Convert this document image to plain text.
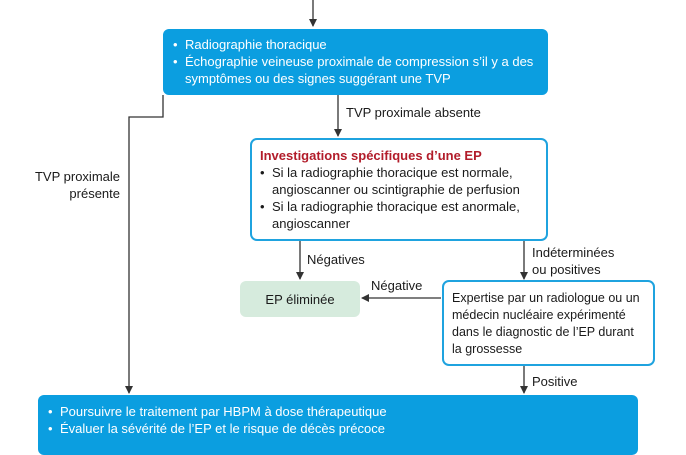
• Radiographie thoracique
• Échographie veineuse proximale de compression s’il y a des symptômes ou des signes suggérant une TVP
TVP proximale absente
TVP proximale
présente
Investigations spécifiques d’une EP
• Si la radiographie thoracique est normale, angioscanner ou scintigraphie de perfusion
• Si la radiographie thoracique est anormale, angioscanner
Négatives	Indéterminées
ou positives
EP éliminée
Négative
Expertise par un radiologue ou un médecin nucléaire expérimenté dans le diagnostic de l’EP durant la grossesse
Positive
• Poursuivre le traitement par HBPM à dose thérapeutique
• Évaluer la sévérité de l’EP et le risque de décès précoce
